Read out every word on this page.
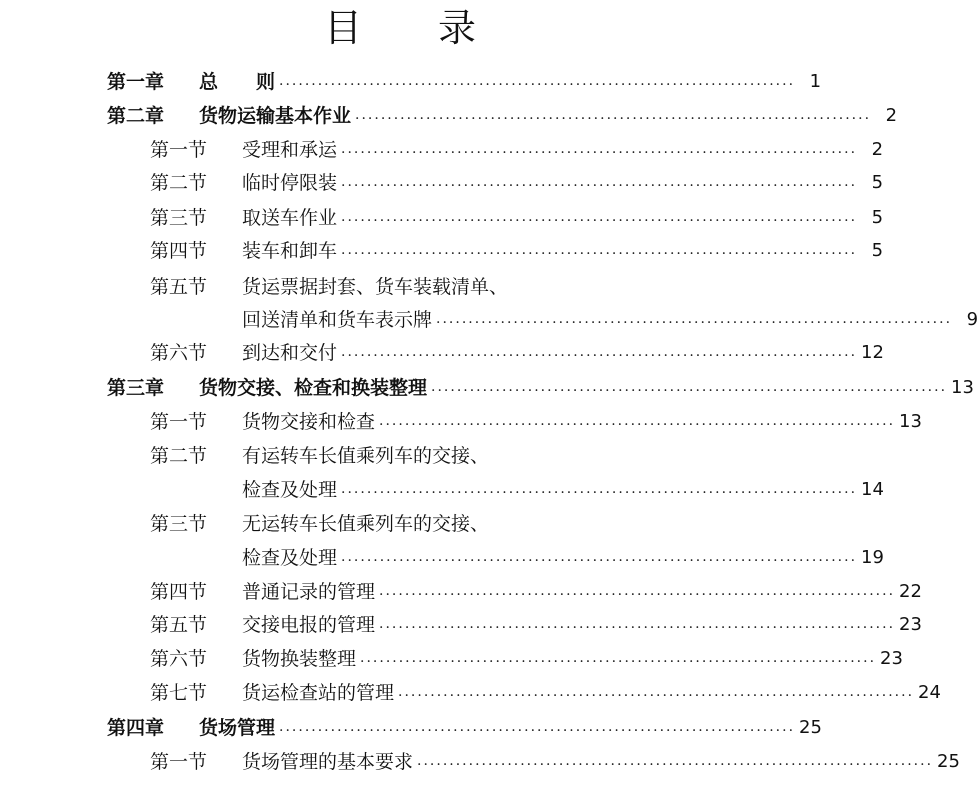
目　　录
第一章	总　　则 ················································································ 1
第二章	货物运输基本作业 ················································································ 2
第一节	受理和承运 ················································································ 2
第二节	临时停限装 ················································································ 5
第三节	取送车作业 ················································································ 5
第四节	装车和卸车 ················································································ 5
第五节	货运票据封套、货车装载清单、
回送清单和货车表示牌 ················································································ 9
第六节	到达和交付 ················································································ 12
第三章	货物交接、检查和换装整理 ················································································ 13
第一节	货物交接和检查 ················································································ 13
第二节	有运转车长值乘列车的交接、
检查及处理 ················································································ 14
第三节	无运转车长值乘列车的交接、
检查及处理 ················································································ 19
第四节	普通记录的管理 ················································································ 22
第五节	交接电报的管理 ················································································ 23
第六节	货物换装整理 ················································································ 23
第七节	货运检查站的管理 ················································································ 24
第四章	货场管理 ················································································ 25
第一节	货场管理的基本要求 ················································································ 25
